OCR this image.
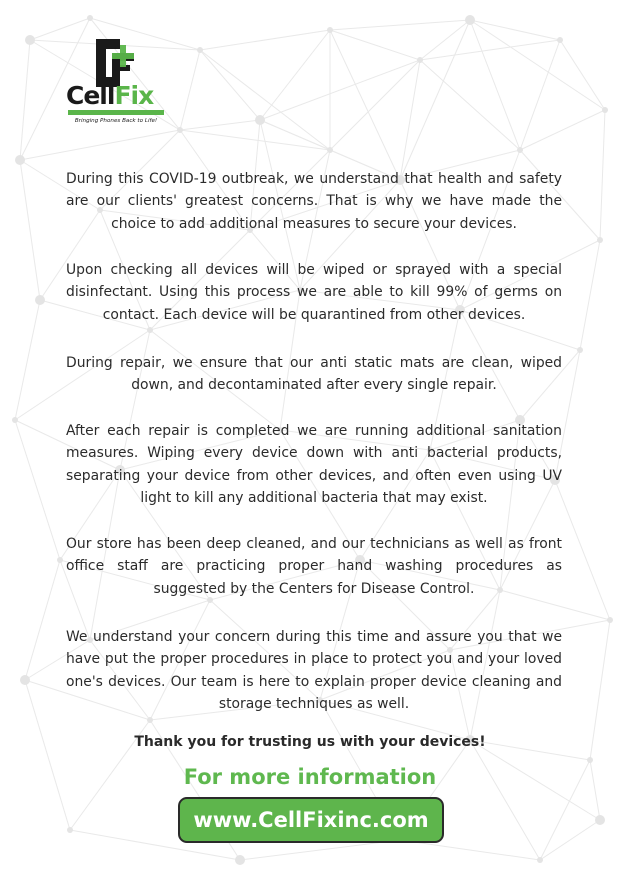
CellFix
Bringing Phones Back to Life!

During this COVID-19 outbreak, we understand that health and safety are our clients' greatest concerns. That is why we have made the choice to add additional measures to secure your devices.

Upon checking all devices will be wiped or sprayed with a special disinfectant. Using this process we are able to kill 99% of germs on contact. Each device will be quarantined from other devices.

During repair, we ensure that our anti static mats are clean, wiped down, and decontaminated after every single repair.

After each repair is completed we are running additional sanitation measures. Wiping every device down with anti bacterial products, separating your device from other devices, and often even using UV light to kill any additional bacteria that may exist.

Our store has been deep cleaned, and our technicians as well as front office staff are practicing proper hand washing procedures as suggested by the Centers for Disease Control.

We understand your concern during this time and assure you that we have put the proper procedures in place to protect you and your loved one's devices. Our team is here to explain proper device cleaning and storage techniques as well.

Thank you for trusting us with your devices!
For more information
www.CellFixinc.com
